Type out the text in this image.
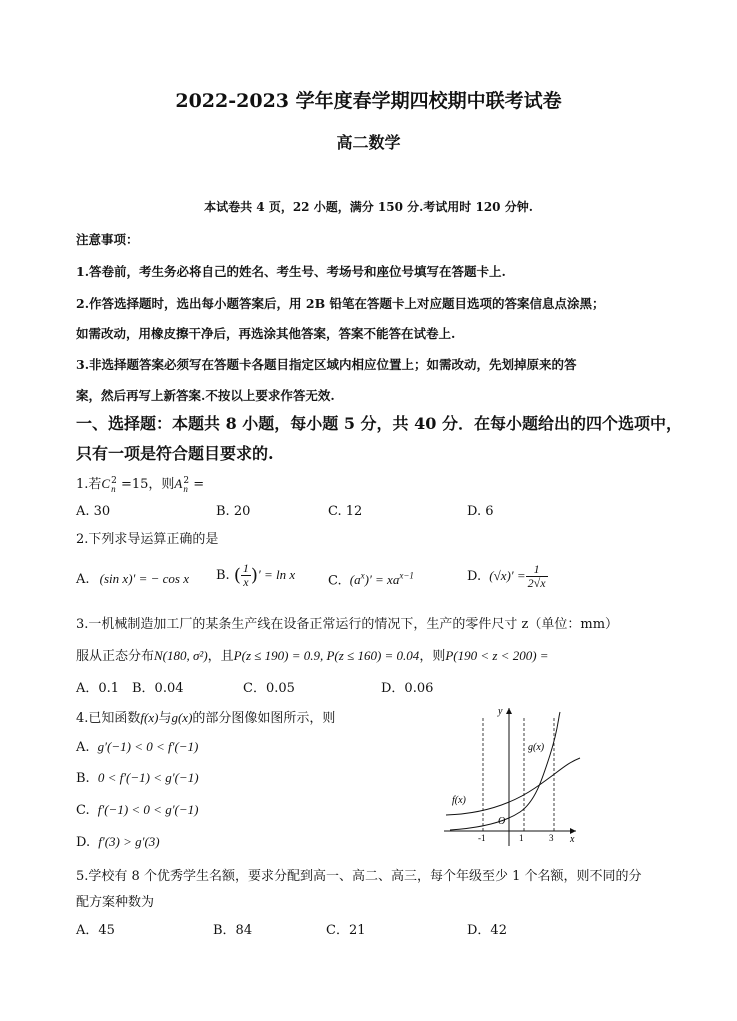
2022-2023 学年度春学期四校期中联考试卷
高二数学
本试卷共 4 页，22 小题，满分 150 分.考试用时 120 分钟.
注意事项：
1.答卷前，考生务必将自己的姓名、考生号、考场号和座位号填写在答题卡上.
2.作答选择题时，选出每小题答案后，用 2B 铅笔在答题卡上对应题目选项的答案信息点涂黑；
如需改动，用橡皮擦干净后，再选涂其他答案，答案不能答在试卷上.
3.非选择题答案必须写在答题卡各题目指定区域内相应位置上；如需改动，先划掉原来的答
案，然后再写上新答案.不按以上要求作答无效.
一、选择题：本题共 8 小题，每小题 5 分，共 40 分．在每小题给出的四个选项中，
只有一项是符合题目要求的.
1.若C 2
n =15，则A 2
n =
A. 30	B. 20	C. 12	D. 6
2.下列求导运算正确的是
A. (sin x)′ = − cos x B. ( $\frac{1}{x}$ )′ = ln x	C. $(a^x)' = xa^{x-1}$	D. $(√x)' = \frac{1}{2√x}$
3.一机械制造加工厂的某条生产线在设备正常运行的情况下，生产的零件尺寸 z（单位：mm）
服从正态分布N(180, σ²)，且P(z ≤ 190) = 0.9, P(z ≤ 160) = 0.04，则P(190 < z < 200) =
A．0.1 B．0.04	C．0.05	D．0.06
4.已知函数f(x)与g(x)的部分图像如图所示，则
A. g′(−1) < 0 < f′(−1)
B. 0 < f′(−1) < g′(−1)
C. f′(−1) < 0 < g′(−1)
D. f′(3) > g′(3)
y
x
O
f(x)
g(x)
-1	1	3
5.学校有 8 个优秀学生名额，要求分配到高一、高二、高三，每个年级至少 1 个名额，则不同的分
配方案种数为
A．45	B．84	C．21	D．42
